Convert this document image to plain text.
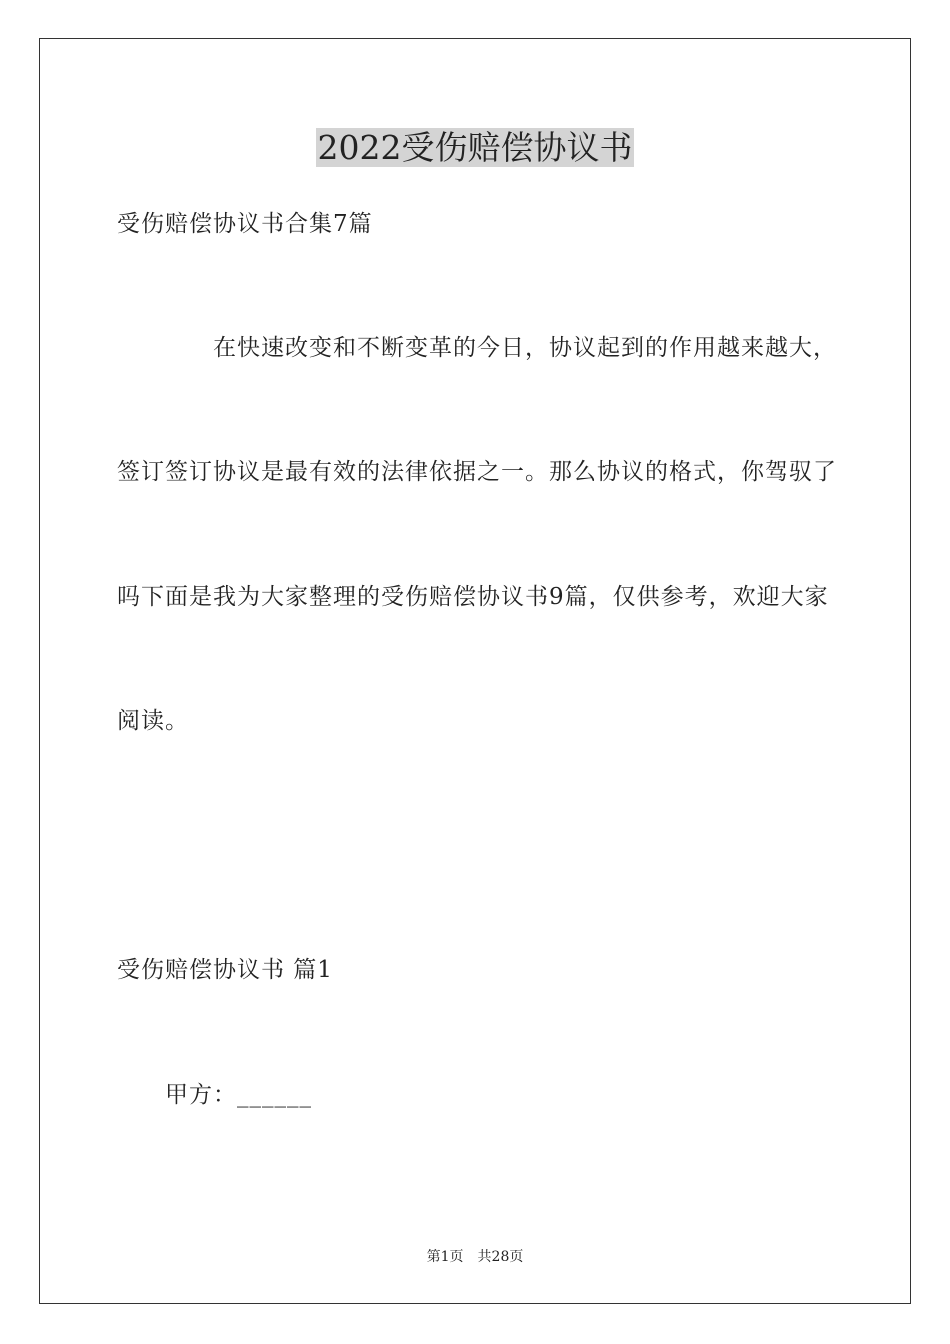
2022受伤赔偿协议书
受伤赔偿协议书合集7篇
在快速改变和不断变革的今日，协议起到的作用越来越大，
签订签订协议是最有效的法律依据之一。那么协议的格式，你驾驭了
吗下面是我为大家整理的受伤赔偿协议书9篇，仅供参考，欢迎大家
阅读。
受伤赔偿协议书 篇1
甲方：______
第1页 共28页
